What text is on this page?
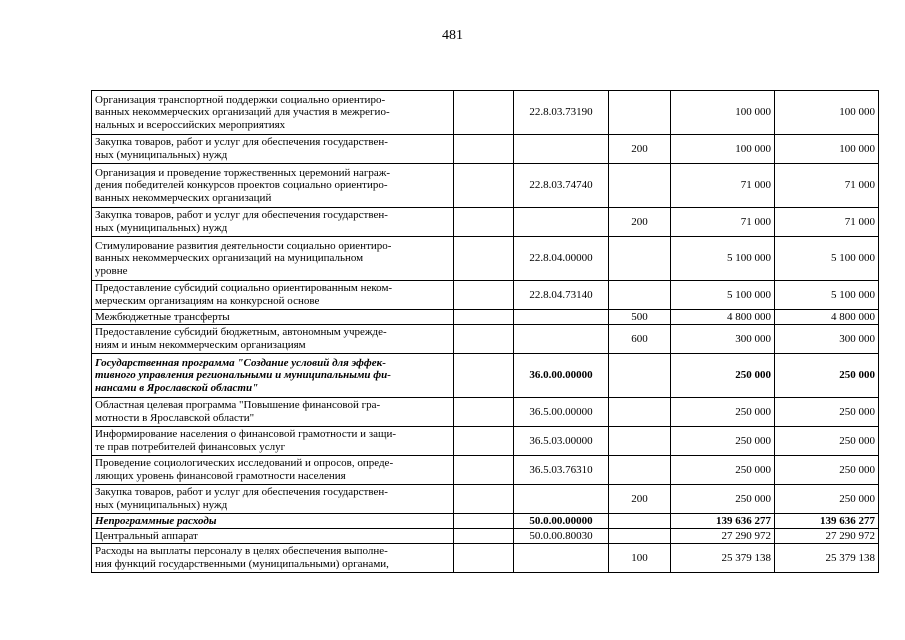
481
Организация транспортной поддержки социально ориентиро-
ванных некоммерческих организаций для участия в межрегио-
нальных и всероссийских мероприятиях		22.8.03.73190		100 000	100 000
Закупка товаров, работ и услуг для обеспечения государствен-
ных (муниципальных) нужд			200	100 000	100 000
Организация и проведение торжественных церемоний награж-
дения победителей конкурсов проектов социально ориентиро-
ванных некоммерческих организаций		22.8.03.74740		71 000	71 000
Закупка товаров, работ и услуг для обеспечения государствен-
ных (муниципальных) нужд			200	71 000	71 000
Стимулирование развития деятельности социально ориентиро-
ванных некоммерческих организаций на муниципальном
уровне		22.8.04.00000		5 100 000	5 100 000
Предоставление субсидий социально ориентированным неком-
мерческим организациям на конкурсной основе		22.8.04.73140		5 100 000	5 100 000
Межбюджетные трансферты			500	4 800 000	4 800 000
Предоставление субсидий бюджетным, автономным учрежде-
ниям и иным некоммерческим организациям			600	300 000	300 000
Государственная программа "Создание условий для эффек-
тивного управления региональными и муниципальными фи-
нансами в Ярославской области"		36.0.00.00000		250 000	250 000
Областная целевая программа "Повышение финансовой гра-
мотности в Ярославской области"		36.5.00.00000		250 000	250 000
Информирование населения о финансовой грамотности и защи-
те прав потребителей финансовых услуг		36.5.03.00000		250 000	250 000
Проведение социологических исследований и опросов, опреде-
ляющих уровень финансовой грамотности населения		36.5.03.76310		250 000	250 000
Закупка товаров, работ и услуг для обеспечения государствен-
ных (муниципальных) нужд			200	250 000	250 000
Непрограммные расходы		50.0.00.00000		139 636 277	139 636 277
Центральный аппарат		50.0.00.80030		27 290 972	27 290 972
Расходы на выплаты персоналу в целях обеспечения выполне-
ния функций государственными (муниципальными) органами,			100	25 379 138	25 379 138
